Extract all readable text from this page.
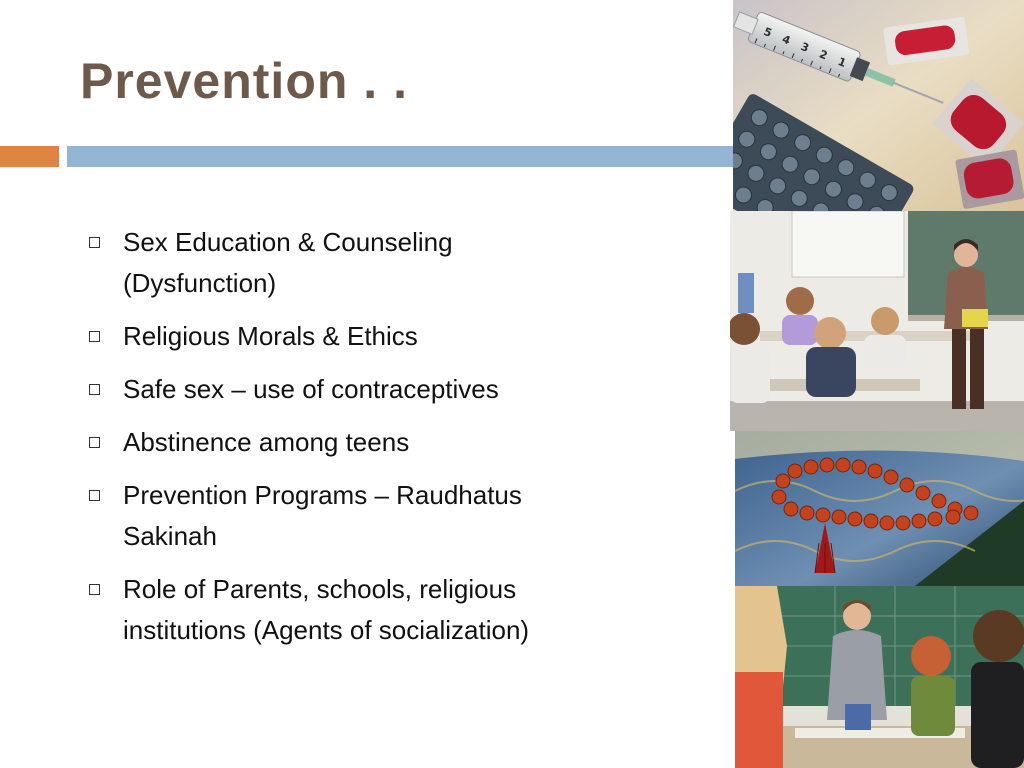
Prevention . .
Sex Education & Counseling
(Dysfunction)
Religious Morals & Ethics
Safe sex – use of contraceptives
Abstinence among teens
Prevention Programs – Raudhatus
Sakinah
Role of Parents, schools, religious
institutions (Agents of socialization)
5
4
3
2
1
